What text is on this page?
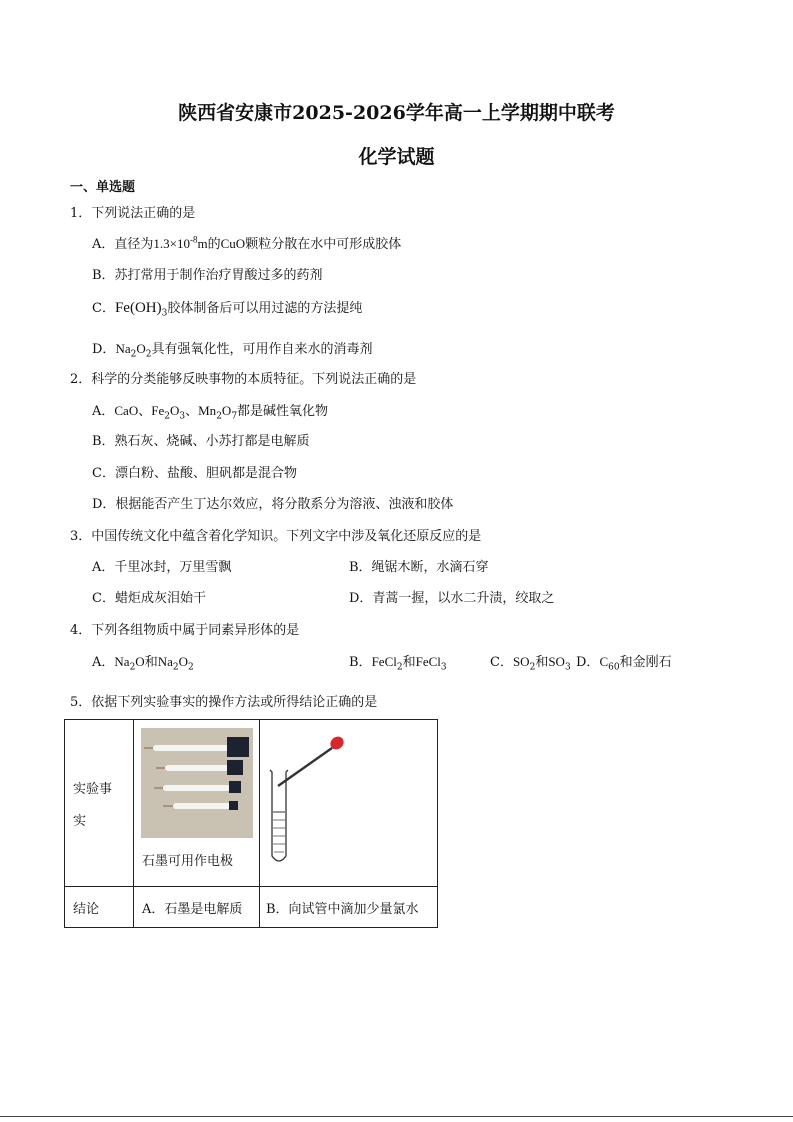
陕西省安康市2025-2026学年高一上学期期中联考
化学试题
一、单选题
1．下列说法正确的是
A．直径为$1.3\times 10^{-8}m$的CuO颗粒分散在水中可形成胶体
B．苏打常用于制作治疗胃酸过多的药剂
C．$Fe(OH)_3$胶体制备后可以用过滤的方法提纯
D．$Na_2O_2$具有强氧化性，可用作自来水的消毒剂
2．科学的分类能够反映事物的本质特征。下列说法正确的是
A．CaO、$Fe_2O_3$、$Mn_2O_7$都是碱性氧化物
B．熟石灰、烧碱、小苏打都是电解质
C．漂白粉、盐酸、胆矾都是混合物
D．根据能否产生丁达尔效应，将分散系分为溶液、浊液和胶体
3．中国传统文化中蕴含着化学知识。下列文字中涉及氧化还原反应的是
A．千里冰封，万里雪飘	B．绳锯木断，水滴石穿
C．蜡炬成灰泪始干	D．青蒿一握，以水二升渍，绞取之
4．下列各组物质中属于同素异形体的是
A．$Na_2O$和$Na_2O_2$	B．FeCl$_2$和FeCl$_3$	C．$SO_2$和$SO_3$ D．$C_{60}$和金刚石
5．依据下列实验事实的操作方法或所得结论正确的是
实验事实	石墨可用作电极

结论	A．石墨是电解质	B．向试管中滴加少量氯水
